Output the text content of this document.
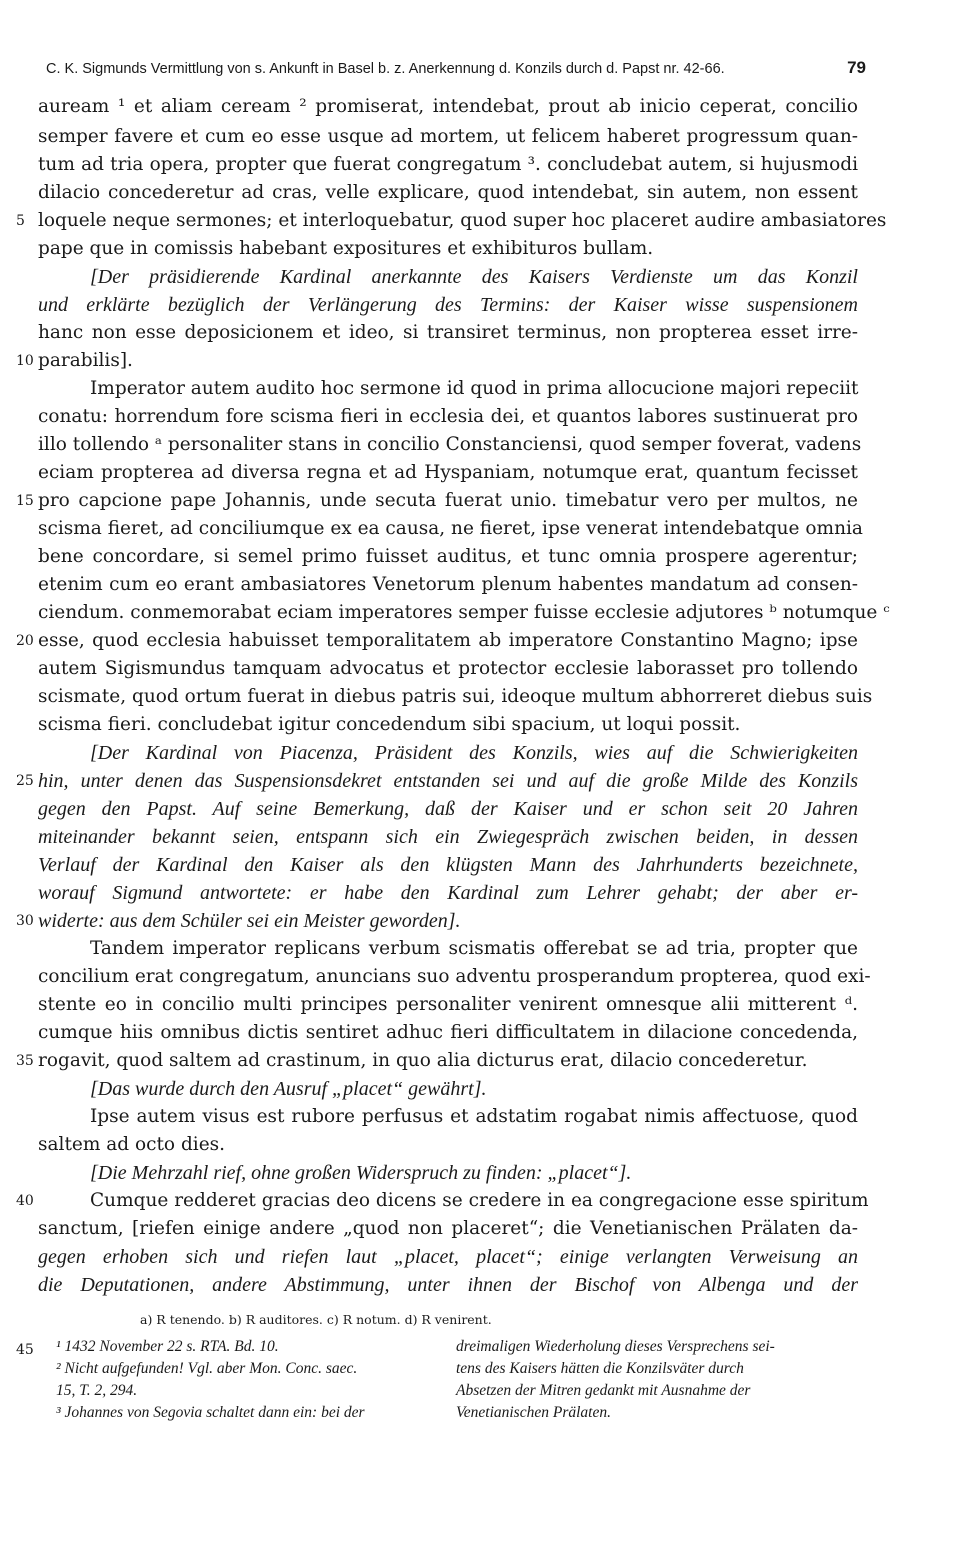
C. K. Sigmunds Vermittlung von s. Ankunft in Basel b. z. Anerkennung d. Konzils durch d. Papst nr. 42-66.	79
auream ¹ et aliam ceream ² promiserat, intendebat, prout ab inicio ceperat, concilio
semper favere et cum eo esse usque ad mortem, ut felicem haberet progressum quan-
tum ad tria opera, propter que fuerat congregatum ³. concludebat autem, si hujusmodi
dilacio concederetur ad cras, velle explicare, quod intendebat, sin autem, non essent
5 loquele neque sermones; et interloquebatur, quod super hoc placeret audire ambasiatores
pape que in comissis habebant expositures et exhibituros bullam.
[Der präsidierende Kardinal anerkannte des Kaisers Verdienste um das Konzil
und erklärte bezüglich der Verlängerung des Termins: der Kaiser wisse suspensionem
hanc non esse deposicionem et ideo, si transiret terminus, non propterea esset irre-
10 parabilis].
Imperator autem audito hoc sermone id quod in prima allocucione majori repeciit
conatu: horrendum fore scisma fieri in ecclesia dei, et quantos labores sustinuerat pro
illo tollendo ᵃ personaliter stans in concilio Constanciensi, quod semper foverat, vadens
eciam propterea ad diversa regna et ad Hyspaniam, notumque erat, quantum fecisset
15 pro capcione pape Johannis, unde secuta fuerat unio. timebatur vero per multos, ne
scisma fieret, ad conciliumque ex ea causa, ne fieret, ipse venerat intendebatque omnia
bene concordare, si semel primo fuisset auditus, et tunc omnia prospere agerentur;
etenim cum eo erant ambasiatores Venetorum plenum habentes mandatum ad consen-
ciendum. conmemorabat eciam imperatores semper fuisse ecclesie adjutores ᵇ notumque ᶜ
20 esse, quod ecclesia habuisset temporalitatem ab imperatore Constantino Magno; ipse
autem Sigismundus tamquam advocatus et protector ecclesie laborasset pro tollendo
scismate, quod ortum fuerat in diebus patris sui, ideoque multum abhorreret diebus suis
scisma fieri. concludebat igitur concedendum sibi spacium, ut loqui possit.
[Der Kardinal von Piacenza, Präsident des Konzils, wies auf die Schwierigkeiten
25 hin, unter denen das Suspensionsdekret entstanden sei und auf die große Milde des Konzils
gegen den Papst. Auf seine Bemerkung, daß der Kaiser und er schon seit 20 Jahren
miteinander bekannt seien, entspann sich ein Zwiegespräch zwischen beiden, in dessen
Verlauf der Kardinal den Kaiser als den klügsten Mann des Jahrhunderts bezeichnete,
worauf Sigmund antwortete: er habe den Kardinal zum Lehrer gehabt; der aber er-
30 widerte: aus dem Schüler sei ein Meister geworden].
Tandem imperator replicans verbum scismatis offerebat se ad tria, propter que
concilium erat congregatum, anuncians suo adventu prosperandum propterea, quod exi-
stente eo in concilio multi principes personaliter venirent omnesque alii mitterent ᵈ.
cumque hiis omnibus dictis sentiret adhuc fieri difficultatem in dilacione concedenda,
35 rogavit, quod saltem ad crastinum, in quo alia dicturus erat, dilacio concederetur.
[Das wurde durch den Ausruf „placet“ gewährt].
Ipse autem visus est rubore perfusus et adstatim rogabat nimis affectuose, quod
saltem ad octo dies.
[Die Mehrzahl rief, ohne großen Widerspruch zu finden: „placet“].
40	Cumque redderet gracias deo dicens se credere in ea congregacione esse spiritum
sanctum, [riefen einige andere „quod non placeret“; die Venetianischen Prälaten da-
gegen erhoben sich und riefen laut „placet, placet“; einige verlangten Verweisung an
die Deputationen, andere Abstimmung, unter ihnen der Bischof von Albenga und der
a) R tenendo. b) R auditores. c) R notum. d) R venirent.
45 ¹ 1432 November 22 s. RTA. Bd. 10.
² Nicht aufgefunden! Vgl. aber Mon. Conc. saec.
15, T. 2, 294.
³ Johannes von Segovia schaltet dann ein: bei der
dreimaligen Wiederholung dieses Versprechens sei-
tens des Kaisers hätten die Konzilsväter durch
Absetzen der Mitren gedankt mit Ausnahme der
Venetianischen Prälaten.
